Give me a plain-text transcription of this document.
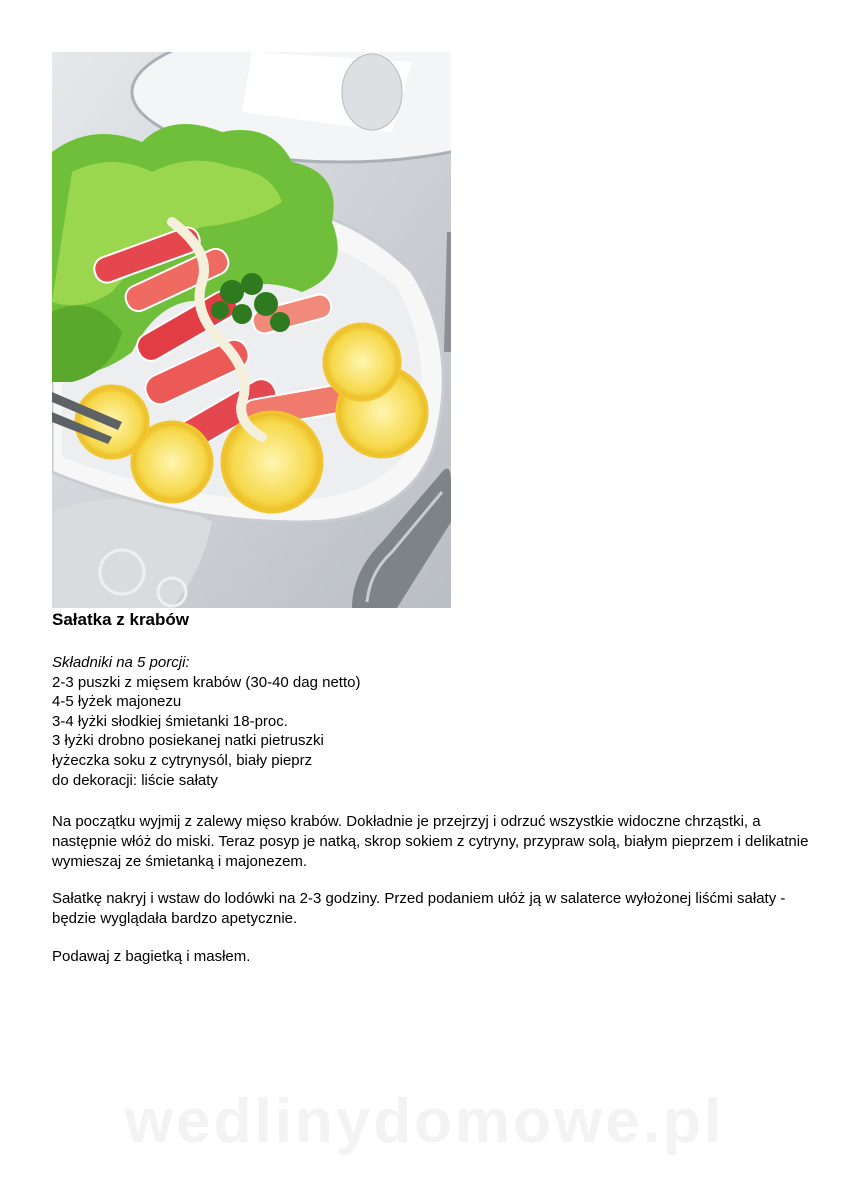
Sałatka z krabów
Składniki na 5 porcji:
2-3 puszki z mięsem krabów (30-40 dag netto)
4-5 łyżek majonezu
3-4 łyżki słodkiej śmietanki 18-proc.
3 łyżki drobno posiekanej natki pietruszki
łyżeczka soku z cytrynysól, biały pieprz
do dekoracji: liście sałaty
Na początku wyjmij z zalewy mięso krabów. Dokładnie je przejrzyj i odrzuć wszystkie widoczne chrząstki, a następnie włóż do miski. Teraz posyp je natką, skrop sokiem z cytryny, przypraw solą, białym pieprzem i delikatnie wymieszaj ze śmietanką i majonezem.
Sałatkę nakryj i wstaw do lodówki na 2-3 godziny. Przed podaniem ułóż ją w salaterce wyłożonej liśćmi sałaty - będzie wyglądała bardzo apetycznie.
Podawaj z bagietką i masłem.
wedlinydomowe.pl
